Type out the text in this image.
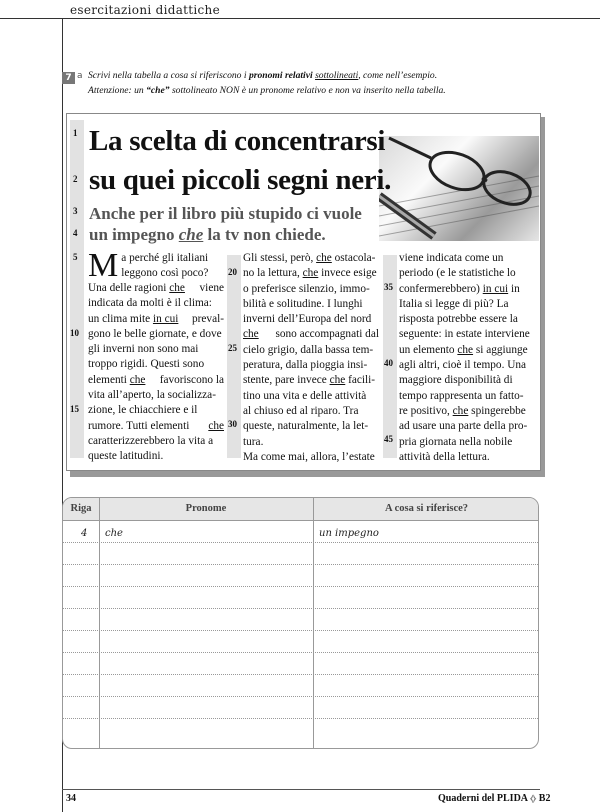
esercitazioni didattiche
7 a Scrivi nella tabella a cosa si riferiscono i pronomi relativi sottolineati, come nell’esempio.
Attenzione: un “che” sottolineato NON è un pronome relativo e non va inserito nella tabella.
1
2
3
4
5
10
15
20
25
30
35
40
45
La scelta di concentrarsi
su quei piccoli segni neri.
Anche per il libro più stupido ci vuole
un impegno che la tv non chiede.
M a perché gli italiani
leggono così poco?
Una delle ragioni che viene
indicata da molti è il clima:
un clima mite in cui preval-
gono le belle giornate, e dove
gli inverni non sono mai
troppo rigidi. Questi sono
elementi che favoriscono la
vita all’aperto, la socializza-
zione, le chiacchiere e il
rumore. Tutti elementi che
caratterizzerebbero la vita a
queste latitudini.
Gli stessi, però, che ostacola-
no la lettura, che invece esige
o preferisce silenzio, immo-
bilità e solitudine. I lunghi
inverni dell’Europa del nord
che sono accompagnati dal
cielo grigio, dalla bassa tem-
peratura, dalla pioggia insi-
stente, pare invece che facili-
tino una vita e delle attività
al chiuso ed al riparo. Tra
queste, naturalmente, la let-
tura.
Ma come mai, allora, l’estate
viene indicata come un
periodo (e le statistiche lo
confermerebbero) in cui in
Italia si legge di più? La
risposta potrebbe essere la
seguente: in estate interviene
un elemento che si aggiunge
agli altri, cioè il tempo. Una
maggiore disponibilità di
tempo rappresenta un fatto-
re positivo, che spingerebbe
ad usare una parte della pro-
pria giornata nella nobile
attività della lettura.
Riga	Pronome	A cosa si riferisce?
4 che	un impegno
34	Quaderni del PLIDA ⧼⧽ B2
